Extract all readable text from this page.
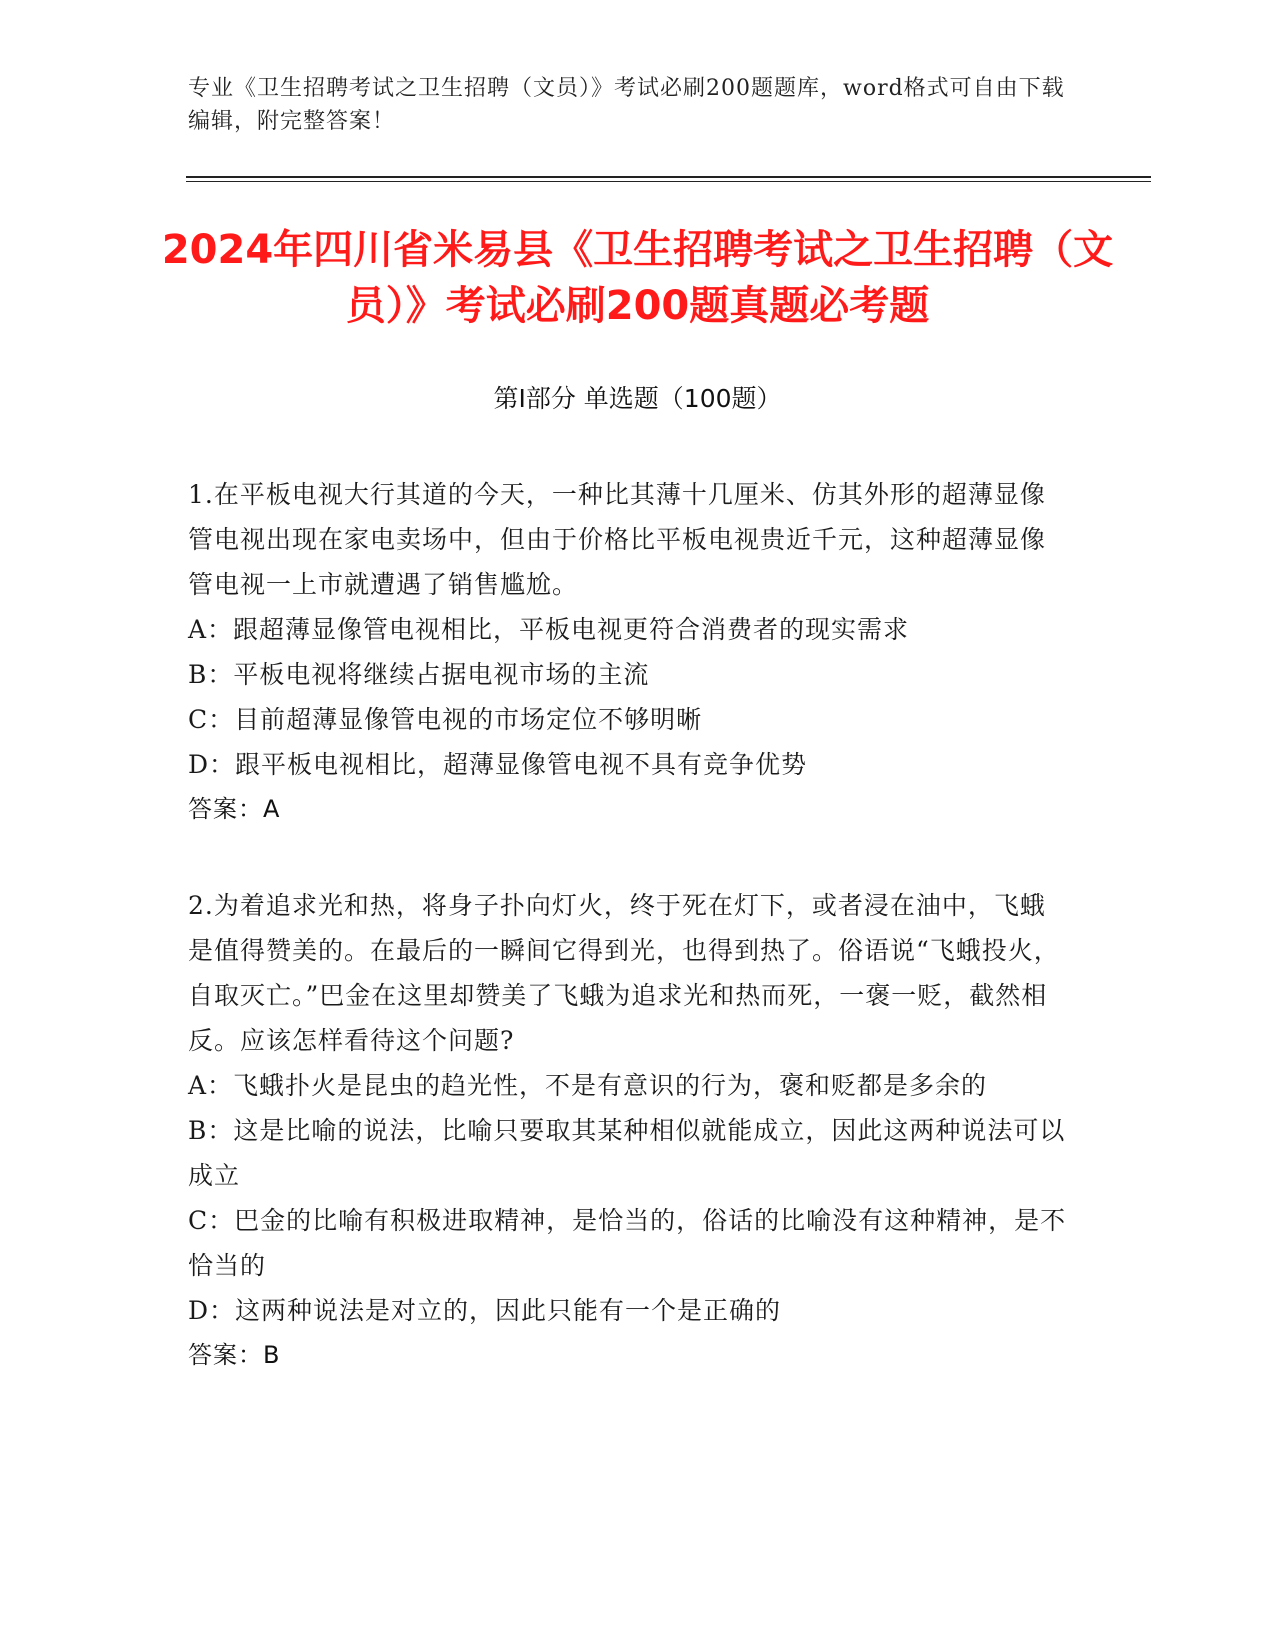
专业《卫生招聘考试之卫生招聘（文员）》考试必刷200题题库，word格式可自由下载编辑，附完整答案！
2024年四川省米易县《卫生招聘考试之卫生招聘（文员）》考试必刷200题真题必考题
第I部分 单选题（100题）
1.在平板电视大行其道的今天，一种比其薄十几厘米、仿其外形的超薄显像管电视出现在家电卖场中，但由于价格比平板电视贵近千元，这种超薄显像管电视一上市就遭遇了销售尴尬。
A：跟超薄显像管电视相比，平板电视更符合消费者的现实需求
B：平板电视将继续占据电视市场的主流
C：目前超薄显像管电视的市场定位不够明晰
D：跟平板电视相比，超薄显像管电视不具有竞争优势
答案：A
2.为着追求光和热，将身子扑向灯火，终于死在灯下，或者浸在油中，飞蛾是值得赞美的。在最后的一瞬间它得到光，也得到热了。俗语说“飞蛾投火，自取灭亡。”巴金在这里却赞美了飞蛾为追求光和热而死，一褒一贬，截然相反。应该怎样看待这个问题?
A：飞蛾扑火是昆虫的趋光性，不是有意识的行为，褒和贬都是多余的
B：这是比喻的说法，比喻只要取其某种相似就能成立，因此这两种说法可以成立
C：巴金的比喻有积极进取精神，是恰当的，俗话的比喻没有这种精神，是不恰当的
D：这两种说法是对立的，因此只能有一个是正确的
答案：B
